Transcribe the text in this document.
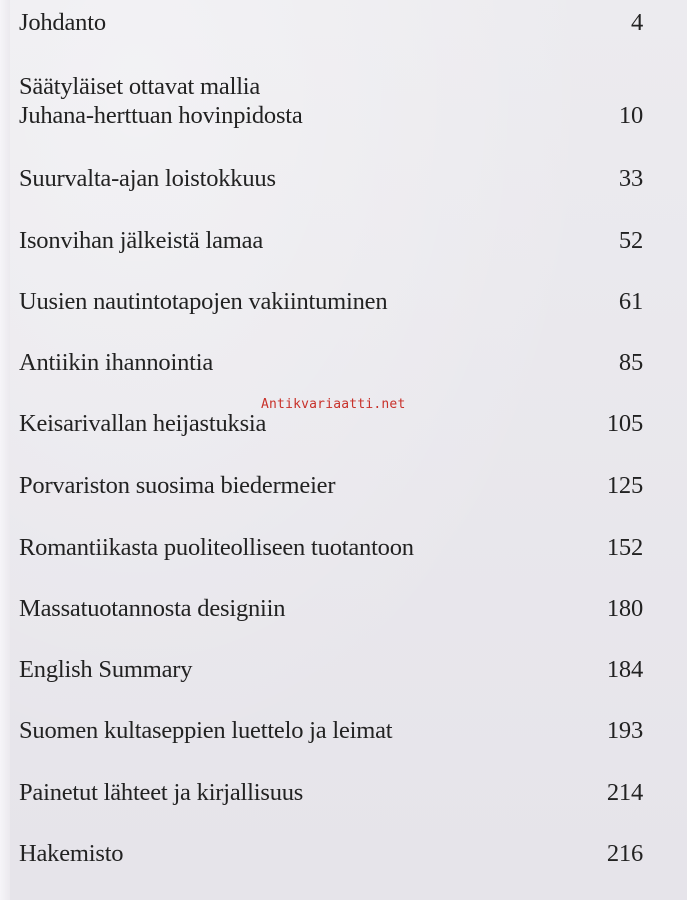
Johdanto	4
Säätyläiset ottavat mallia
Juhana-herttuan hovinpidosta	10
Suurvalta-ajan loistokkuus	33
Isonvihan jälkeistä lamaa	52
Uusien nautintotapojen vakiintuminen	61
Antiikin ihannointia	85
Keisarivallan heijastuksia	105
Porvariston suosima biedermeier	125
Romantiikasta puoliteolliseen tuotantoon	152
Massatuotannosta designiin	180
English Summary	184
Suomen kultaseppien luettelo ja leimat	193
Painetut lähteet ja kirjallisuus	214
Hakemisto	216
Antikvariaatti.net
